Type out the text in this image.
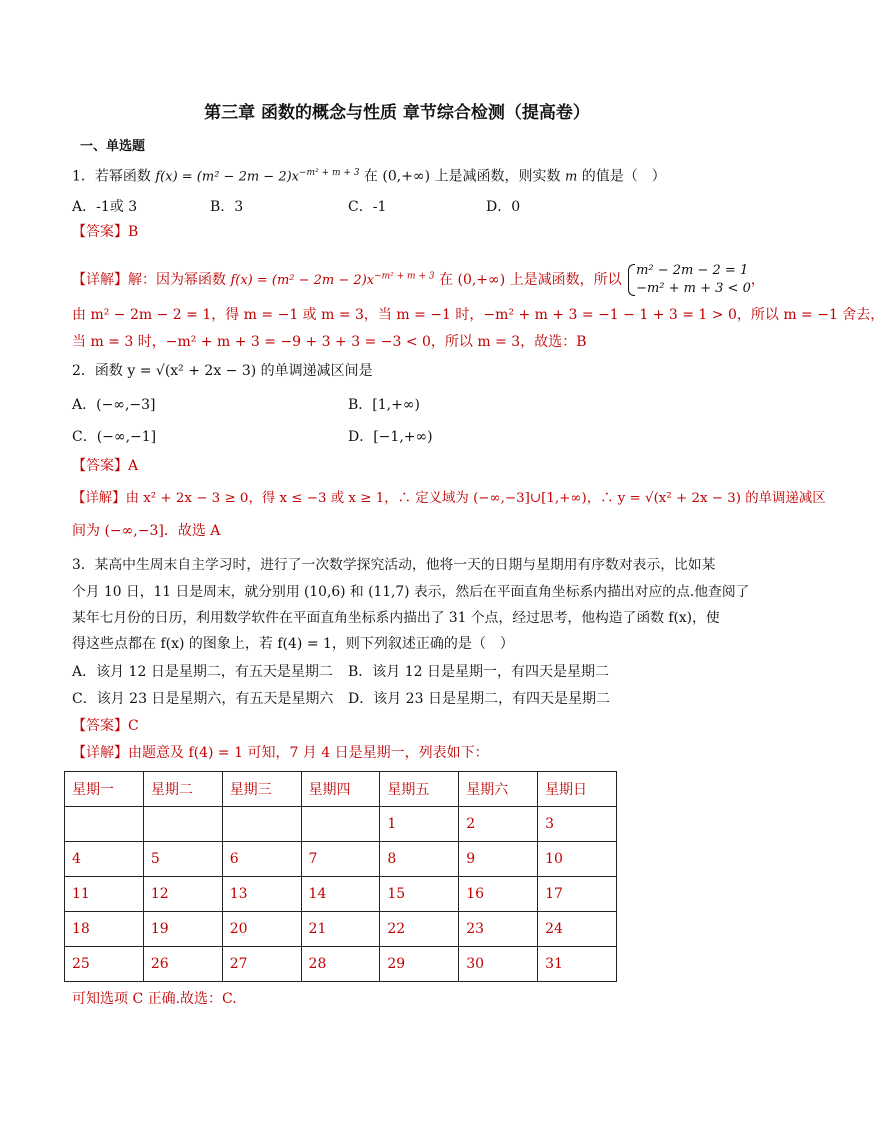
第三章 函数的概念与性质 章节综合检测（提高卷）
一、单选题
1．若幂函数 $f(x) = (m^2 - 2m - 2)x^{-m^2 + m + 3}$ 在 (0,+∞) 上是减函数，则实数 m 的值是（　）
A．-1或 3	B．3	C．-1	D．0
【答案】B
【详解】解：因为幂函数 $f(x) = (m^2 - 2m - 2)x^{-m^2 + m + 3}$ 在 (0,+∞) 上是减函数，所以
m² − 2m − 2 = 1
−m² + m + 3 < 0
，
由 m² − 2m − 2 = 1，得 m = −1 或 m = 3，当 m = −1 时，−m² + m + 3 = −1 − 1 + 3 = 1 > 0，所以 m = −1 舍去，
当 m = 3 时，−m² + m + 3 = −9 + 3 + 3 = −3 < 0，所以 m = 3，故选：B
2．函数 y = √(x² + 2x − 3) 的单调递减区间是
A．(−∞,−3]	B．[1,+∞)
C．(−∞,−1]	D．[−1,+∞)
【答案】A
【详解】由 x² + 2x − 3 ≥ 0，得 x ≤ −3 或 x ≥ 1，∴ 定义域为 (−∞,−3]∪[1,+∞)，∴ y = √(x² + 2x − 3) 的单调递减区
间为 (−∞,−3]．故选 A
3．某高中生周末自主学习时，进行了一次数学探究活动，他将一天的日期与星期用有序数对表示，比如某
个月 10 日，11 日是周末，就分别用 (10,6) 和 (11,7) 表示，然后在平面直角坐标系内描出对应的点.他查阅了
某年七月份的日历，利用数学软件在平面直角坐标系内描出了 31 个点，经过思考，他构造了函数 f(x)，使
得这些点都在 f(x) 的图象上，若 f(4) = 1，则下列叙述正确的是（　）
A．该月 12 日是星期二，有五天是星期二 B．该月 12 日是星期一，有四天是星期二
C．该月 23 日是星期六，有五天是星期六 D．该月 23 日是星期二，有四天是星期二
【答案】C
【详解】由题意及 f(4) = 1 可知，7 月 4 日是星期一，列表如下：
星期一	星期二	星期三	星期四	星期五	星期六	星期日
				1	2	3
4	5	6	7	8	9	10
11	12	13	14	15	16	17
18	19	20	21	22	23	24
25	26	27	28	29	30	31
可知选项 C 正确.故选：C.
